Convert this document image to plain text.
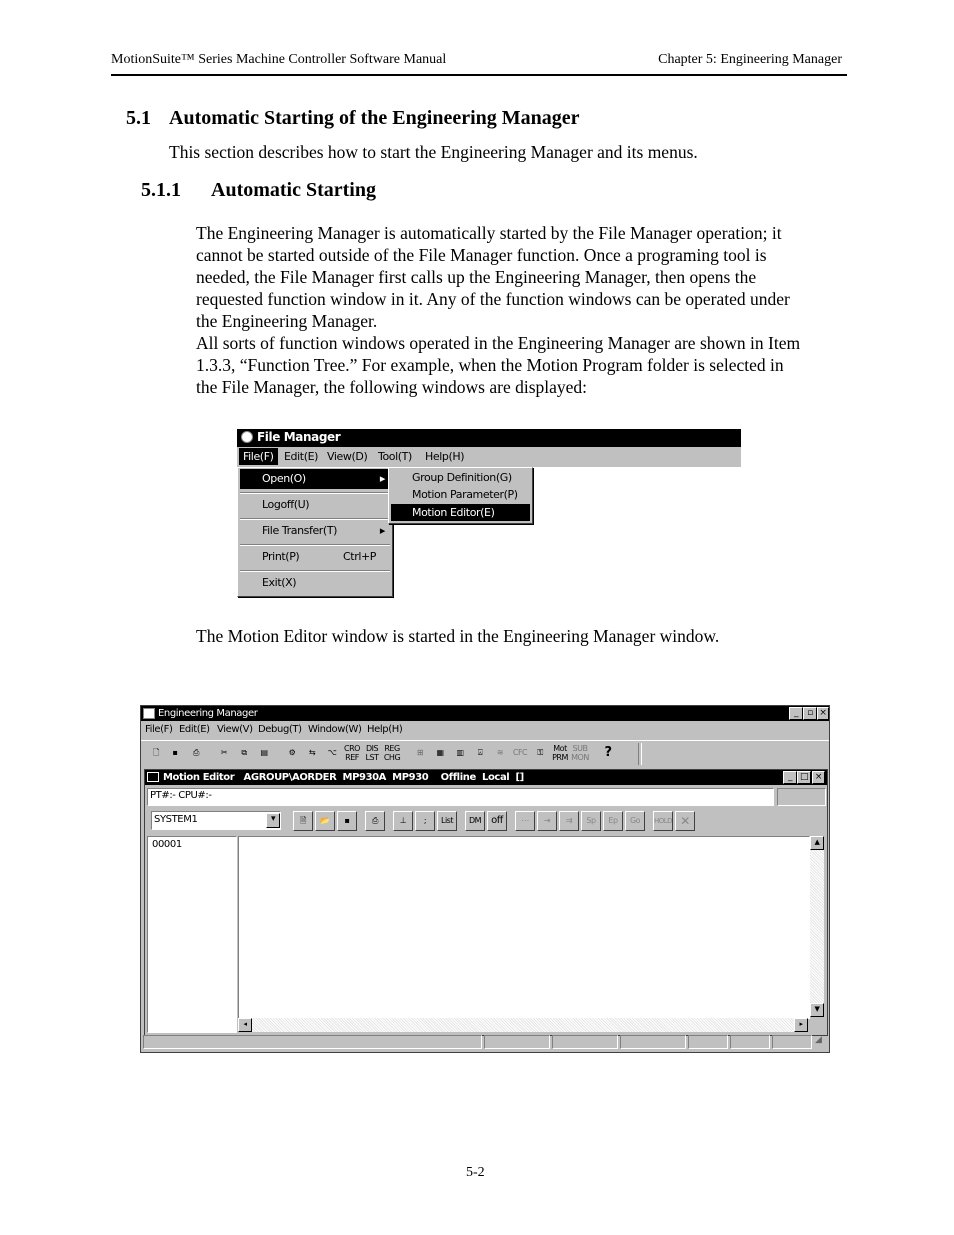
MotionSuite™ Series Machine Controller Software Manual	Chapter 5: Engineering Manager
5.1 Automatic Starting of the Engineering Manager
This section describes how to start the Engineering Manager and its menus.
5.1.1 Automatic Starting
The Engineering Manager is automatically started by the File Manager operation; it
cannot be started outside of the File Manager function. Once a programing tool is
needed, the File Manager first calls up the Engineering Manager, then opens the
requested function window in it. Any of the function windows can be operated under
the Engineering Manager.
All sorts of function windows operated in the Engineering Manager are shown in Item
1.3.3, “Function Tree.” For example, when the Motion Program folder is selected in
the File Manager, the following windows are displayed:
File Manager
File(F) Edit(E) View(D) Tool(T) Help(H)
Open(O)	▸
Logoff(U)
File Transfer(T)	▸
Print(P)	Ctrl+P
Exit(X)
Group Definition(G)
Motion Parameter(P)
Motion Editor(E)
The Motion Editor window is started in the Engineering Manager window.
Engineering Manager	_	▫ ×
File(F) Edit(E) View(V) Debug(T) Window(W) Help(H)
🗋	▪	⎙	✂	⧉	▤	⚙	⇆	⌥ CRO REF
DIS LST
REG CHG
⊞	▦	▥	⍓	≋	CFC	⚿	Mot PRM
SUB MON	?
Motion Editor   AGROUP\AORDER  MP930A  MP930    Offline  Local  []	_ □ ×
PT#:- CPU#:-
SYSTEM1	▾	🗎	📂	▪	⎙	⊥	;	List	DM	off	⋯	⇥	⇉	Sp	Ep	Go	HOLD ✕
00001	▲
▼
◂	▸
◢
5-2
